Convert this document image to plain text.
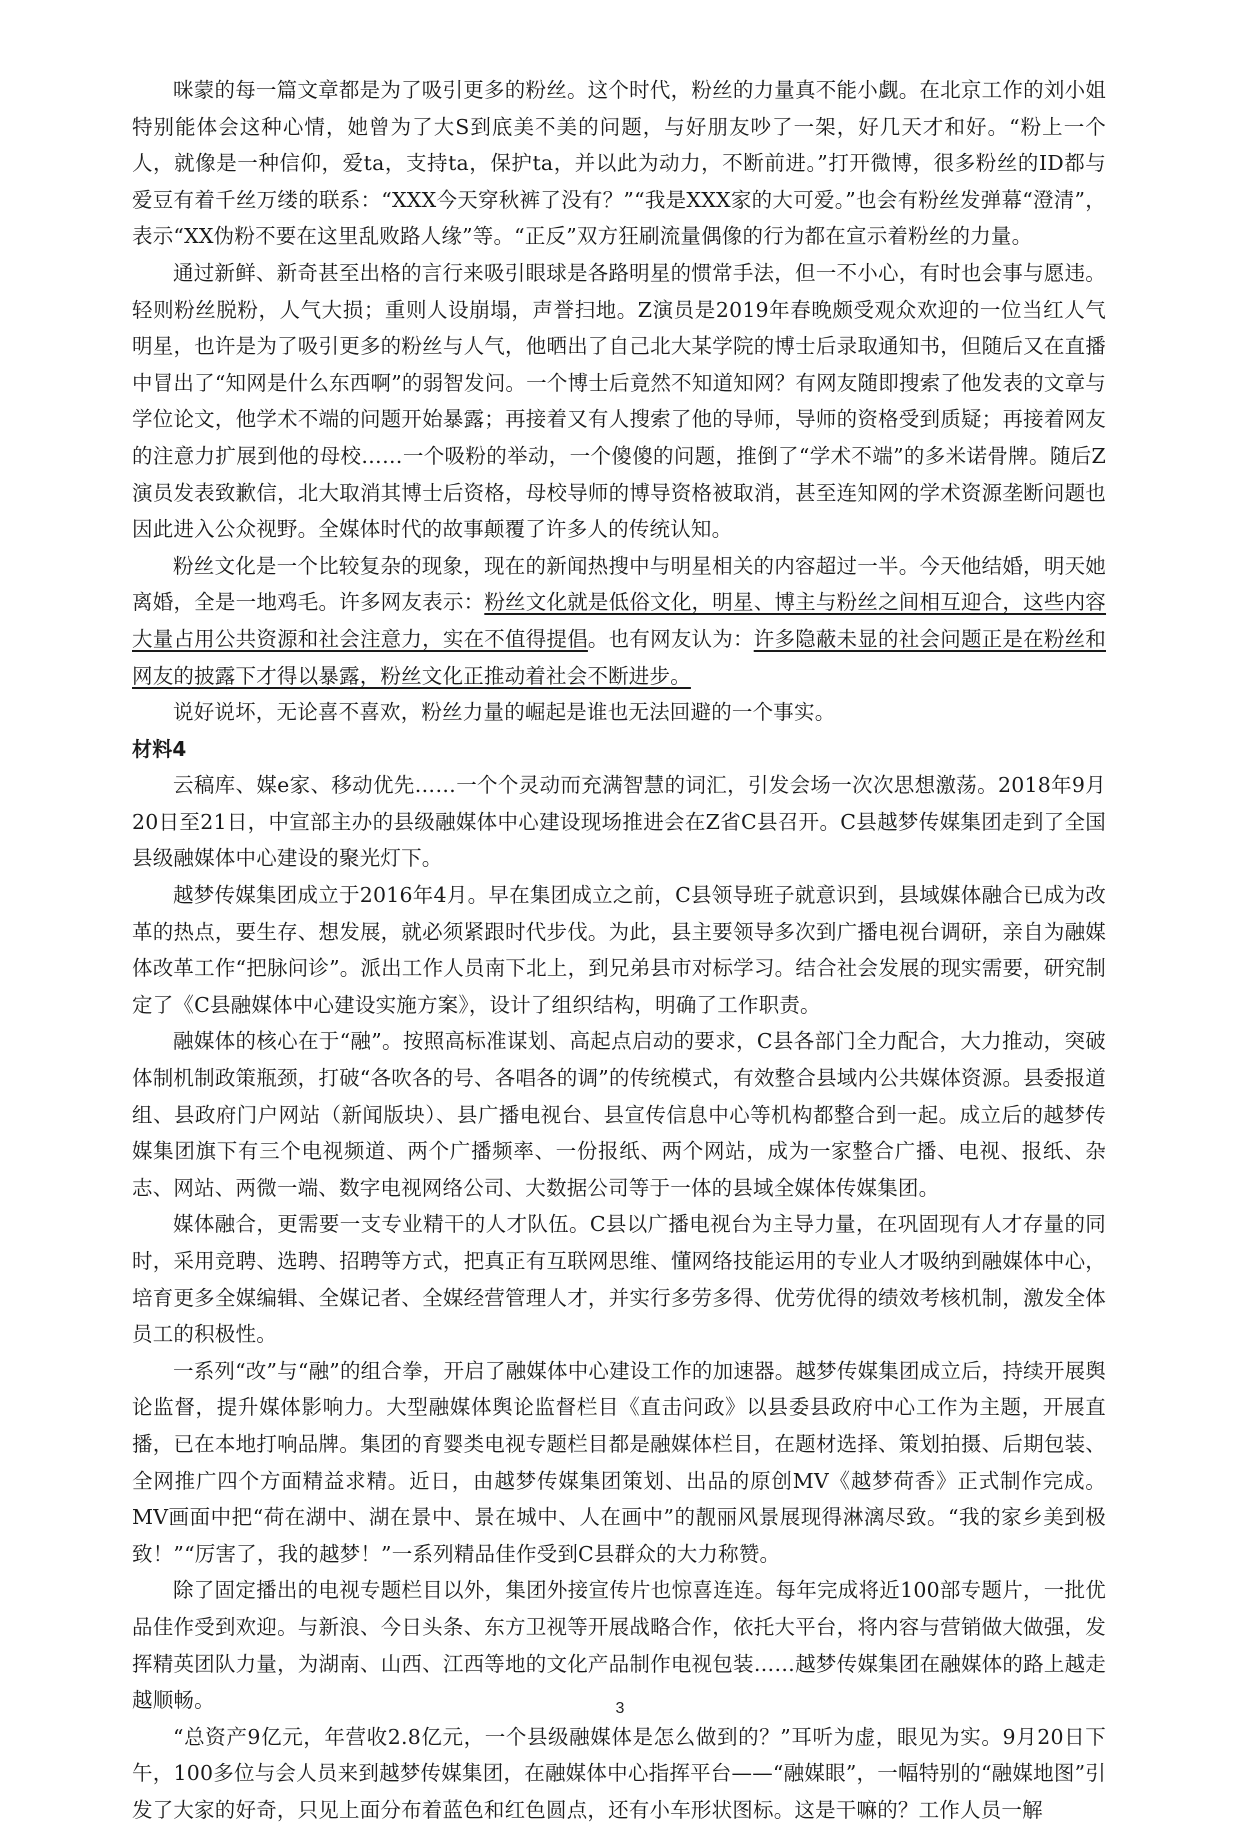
咪蒙的每一篇文章都是为了吸引更多的粉丝。这个时代，粉丝的力量真不能小觑。在北京工作的刘小姐特别能体会这种心情，她曾为了大S到底美不美的问题，与好朋友吵了一架，好几天才和好。“粉上一个人，就像是一种信仰，爱ta，支持ta，保护ta，并以此为动力，不断前进。”打开微博，很多粉丝的ID都与爱豆有着千丝万缕的联系：“XXX今天穿秋裤了没有？”“我是XXX家的大可爱。”也会有粉丝发弹幕“澄清”，表示“XX伪粉不要在这里乱败路人缘”等。“正反”双方狂刷流量偶像的行为都在宣示着粉丝的力量。

通过新鲜、新奇甚至出格的言行来吸引眼球是各路明星的惯常手法，但一不小心，有时也会事与愿违。轻则粉丝脱粉，人气大损；重则人设崩塌，声誉扫地。Z演员是2019年春晚颇受观众欢迎的一位当红人气明星，也许是为了吸引更多的粉丝与人气，他晒出了自己北大某学院的博士后录取通知书，但随后又在直播中冒出了“知网是什么东西啊”的弱智发问。一个博士后竟然不知道知网？有网友随即搜索了他发表的文章与学位论文，他学术不端的问题开始暴露；再接着又有人搜索了他的导师，导师的资格受到质疑；再接着网友的注意力扩展到他的母校……一个吸粉的举动，一个傻傻的问题，推倒了“学术不端”的多米诺骨牌。随后Z演员发表致歉信，北大取消其博士后资格，母校导师的博导资格被取消，甚至连知网的学术资源垄断问题也因此进入公众视野。全媒体时代的故事颠覆了许多人的传统认知。

粉丝文化是一个比较复杂的现象，现在的新闻热搜中与明星相关的内容超过一半。今天他结婚，明天她离婚，全是一地鸡毛。许多网友表示：粉丝文化就是低俗文化，明星、博主与粉丝之间相互迎合，这些内容大量占用公共资源和社会注意力，实在不值得提倡。也有网友认为：许多隐蔽未显的社会问题正是在粉丝和网友的披露下才得以暴露，粉丝文化正推动着社会不断进步。

说好说坏，无论喜不喜欢，粉丝力量的崛起是谁也无法回避的一个事实。

材料4

云稿库、媒e家、移动优先……一个个灵动而充满智慧的词汇，引发会场一次次思想激荡。2018年9月20日至21日，中宣部主办的县级融媒体中心建设现场推进会在Z省C县召开。C县越梦传媒集团走到了全国县级融媒体中心建设的聚光灯下。

越梦传媒集团成立于2016年4月。早在集团成立之前，C县领导班子就意识到，县域媒体融合已成为改革的热点，要生存、想发展，就必须紧跟时代步伐。为此，县主要领导多次到广播电视台调研，亲自为融媒体改革工作“把脉问诊”。派出工作人员南下北上，到兄弟县市对标学习。结合社会发展的现实需要，研究制定了《C县融媒体中心建设实施方案》，设计了组织结构，明确了工作职责。

融媒体的核心在于“融”。按照高标准谋划、高起点启动的要求，C县各部门全力配合，大力推动，突破体制机制政策瓶颈，打破“各吹各的号、各唱各的调”的传统模式，有效整合县域内公共媒体资源。县委报道组、县政府门户网站（新闻版块）、县广播电视台、县宣传信息中心等机构都整合到一起。成立后的越梦传媒集团旗下有三个电视频道、两个广播频率、一份报纸、两个网站，成为一家整合广播、电视、报纸、杂志、网站、两微一端、数字电视网络公司、大数据公司等于一体的县域全媒体传媒集团。

媒体融合，更需要一支专业精干的人才队伍。C县以广播电视台为主导力量，在巩固现有人才存量的同时，采用竞聘、选聘、招聘等方式，把真正有互联网思维、懂网络技能运用的专业人才吸纳到融媒体中心，培育更多全媒编辑、全媒记者、全媒经营管理人才，并实行多劳多得、优劳优得的绩效考核机制，激发全体员工的积极性。

一系列“改”与“融”的组合拳，开启了融媒体中心建设工作的加速器。越梦传媒集团成立后，持续开展舆论监督，提升媒体影响力。大型融媒体舆论监督栏目《直击问政》以县委县政府中心工作为主题，开展直播，已在本地打响品牌。集团的育婴类电视专题栏目都是融媒体栏目，在题材选择、策划拍摄、后期包装、全网推广四个方面精益求精。近日，由越梦传媒集团策划、出品的原创MV《越梦荷香》正式制作完成。MV画面中把“荷在湖中、湖在景中、景在城中、人在画中”的靓丽风景展现得淋漓尽致。“我的家乡美到极致！”“厉害了，我的越梦！”一系列精品佳作受到C县群众的大力称赞。

除了固定播出的电视专题栏目以外，集团外接宣传片也惊喜连连。每年完成将近100部专题片，一批优品佳作受到欢迎。与新浪、今日头条、东方卫视等开展战略合作，依托大平台，将内容与营销做大做强，发挥精英团队力量，为湖南、山西、江西等地的文化产品制作电视包装……越梦传媒集团在融媒体的路上越走越顺畅。

“总资产9亿元，年营收2.8亿元，一个县级融媒体是怎么做到的？”耳听为虚，眼见为实。9月20日下午，100多位与会人员来到越梦传媒集团，在融媒体中心指挥平台——“融媒眼”，一幅特别的“融媒地图”引发了大家的好奇，只见上面分布着蓝色和红色圆点，还有小车形状图标。这是干嘛的？工作人员一解

3
